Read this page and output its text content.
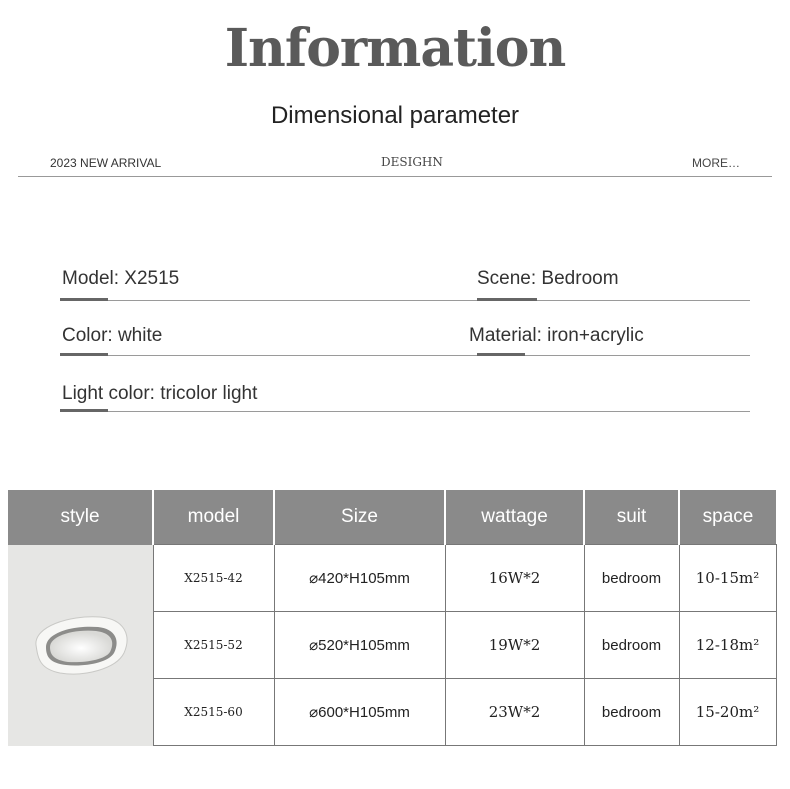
Information
Dimensional parameter
2023 NEW ARRIVAL	DESIGHN	MORE…
Model: X2515	Scene: Bedroom
Color: white	Material: iron+acrylic
Light color: tricolor light
style	model	Size	wattage	suit	space

	X2515-42	⌀420*H105mm	16W*2	bedroom	10-15m²
	X2515-52	⌀520*H105mm	19W*2	bedroom	12-18m²
	X2515-60	⌀600*H105mm	23W*2	bedroom	15-20m²
